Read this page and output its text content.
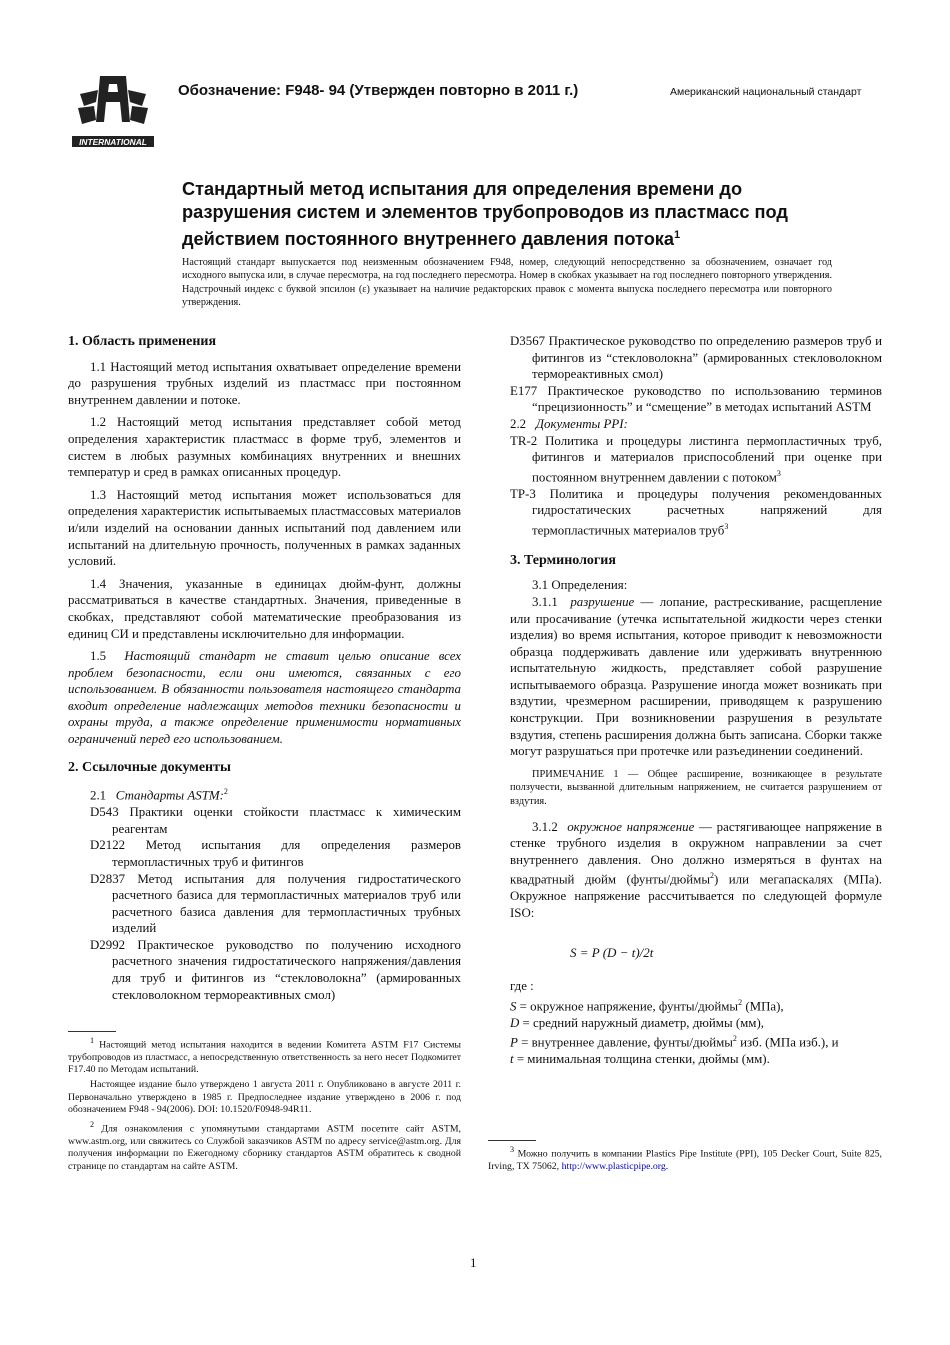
INTERNATIONAL
Обозначение: F948- 94 (Утвержден повторно в 2011 г.)	Американский национальный стандарт
Стандартный метод испытания для определения времени до разрушения систем и элементов трубопроводов из пластмасс под действием постоянного внутреннего давления потока$^1$
Настоящий стандарт выпускается под неизменным обозначением F948, номер, следующий непосредственно за обозначением, означает год исходного выпуска или, в случае пересмотра, на год последнего пересмотра. Номер в скобках указывает на год последнего повторного утверждения. Надстрочный индекс с буквой эпсилон (ε) указывает на наличие редакторских правок с момента выпуска последнего пересмотра или повторного утверждения.

1. Область применения

1.1 Настоящий метод испытания охватывает определение времени до разрушения трубных изделий из пластмасс при постоянном внутреннем давлении и потоке.

1.2 Настоящий метод испытания представляет собой метод определения характеристик пластмасс в форме труб, элементов и систем в любых разумных комбинациях внутренних и внешних температур и сред в рамках описанных процедур.

1.3 Настоящий метод испытания может использоваться для определения характеристик испытываемых пластмассовых материалов и/или изделий на основании данных испытаний под давлением или испытаний на длительную прочность, полученных в рамках заданных условий.

1.4 Значения, указанные в единицах дюйм-фунт, должны рассматриваться в качестве стандартных. Значения, приведенные в скобках, представляют собой математические преобразования из единиц СИ и представлены исключительно для информации.

1.5 Настоящий стандарт не ставит целью описание всех проблем безопасности, если они имеются, связанных с его использованием. В обязанности пользователя настоящего стандарта входит определение надлежащих методов техники безопасности и охраны труда, а также определение применимости нормативных ограничений перед его использованием.

2. Ссылочные документы

2.1 Стандарты ASTM:$^2$

D543 Практики оценки стойкости пластмасс к химическим реагентам

D2122 Метод испытания для определения размеров термопластичных труб и фитингов

D2837 Метод испытания для получения гидростатического расчетного базиса для термопластичных материалов труб или расчетного базиса давления для термопластичных трубных изделий

D2992 Практическое руководство по получению исходного расчетного значения гидростатического напряжения/давления для труб и фитингов из “стекловолокна” (армированных стекловолокном термореактивных смол)

$^1$ Настоящий метод испытания находится в ведении Комитета ASTM F17 Системы трубопроводов из пластмасс, а непосредственную ответственность за него несет Подкомитет F17.40 по Методам испытаний.

Настоящее издание было утверждено 1 августа 2011 г. Опубликовано в августе 2011 г. Первоначально утверждено в 1985 г. Предпоследнее издание утверждено в 2006 г. под обозначением F948 - 94(2006). DOI: 10.1520/F0948-94R11.

$^2$ Для ознакомления с упомянутыми стандартами ASTM посетите сайт ASTM, www.astm.org, или свяжитесь со Службой заказчиков ASTM по адресу service@astm.org. Для получения информации по Ежегодному сборнику стандартов ASTM обратитесь к сводной странице по стандартам на сайте ASTM.

D3567 Практическое руководство по определению размеров труб и фитингов из “стекловолокна” (армированных стекловолокном термореактивных смол)

E177 Практическое руководство по использованию терминов “прецизионность” и “смещение” в методах испытаний ASTM

2.2 Документы PPI:

TR-2 Политика и процедуры листинга пермопластичных труб, фитингов и материалов приспособлений при оценке при постоянном внутреннем давлении с потоком$^3$

TP-3 Политика и процедуры получения рекомендованных гидростатических расчетных напряжений для термопластичных материалов труб$^3$

3. Терминология

3.1 Определения:

3.1.1 разрушение — лопание, растрескивание, расщепление или просачивание (утечка испытательной жидкости через стенки изделия) во время испытания, которое приводит к невозможности образца поддерживать давление или удерживать внутреннюю испытательную жидкость, представляет собой разрушение испытываемого образца. Разрушение иногда может возникать при вздутии, чрезмерном расширении, приводящем к разрушению конструкции. При возникновении разрушения в результате вздутия, степень расширения должна быть записана. Сборки также могут разрушаться при протечке или разъединении соединений.

ПРИМЕЧАНИЕ 1 — Общее расширение, возникающее в результате ползучести, вызванной длительным напряжением, не считается разрушением от вздутия.

3.1.2 окружное напряжение — растягивающее напряжение в стенке трубного изделия в окружном направлении за счет внутреннего давления. Оно должно измеряться в фунтах на квадратный дюйм (фунты/дюймы$^2$) или мегапаскалях (МПа). Окружное напряжение рассчитывается по следующей формуле ISO:

S = P (D − t)/2t

где :

S = окружное напряжение, фунты/дюймы$^2$ (МПа),

D = средний наружный диаметр, дюймы (мм),

P = внутреннее давление, фунты/дюймы$^2$ изб. (МПа изб.), и

t = минимальная толщина стенки, дюймы (мм).

$^3$ Можно получить в компании Plastics Pipe Institute (PPI), 105 Decker Court, Suite 825, Irving, TX 75062, http://www.plasticpipe.org.

1
